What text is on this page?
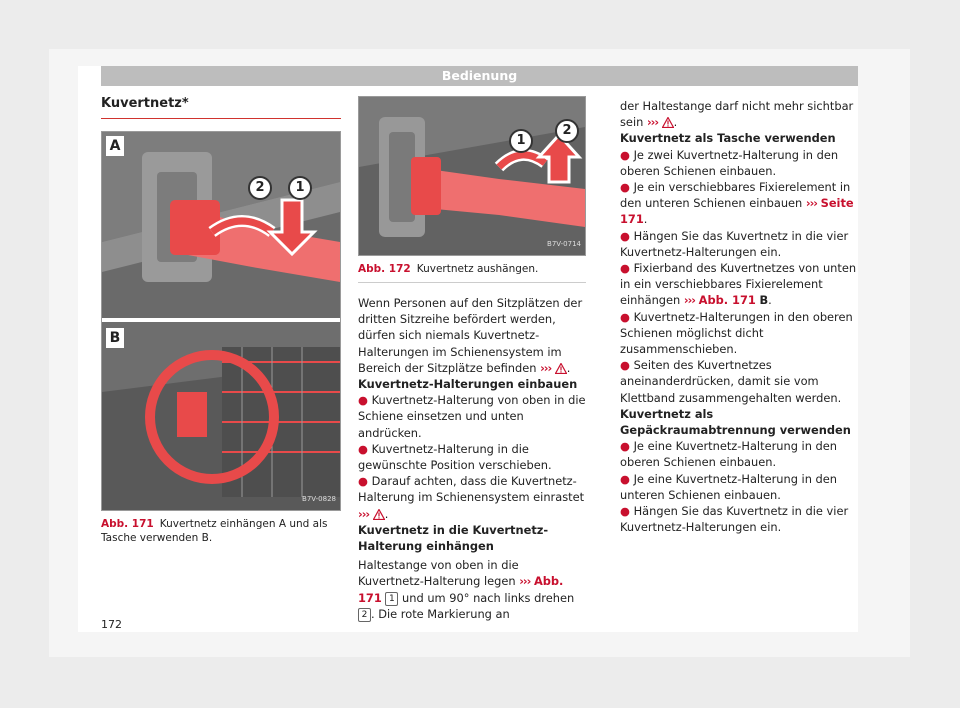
Bedienung
Kuvertnetz*
A
B
2	1
B7V-0828
Abb. 171 Kuvertnetz einhängen A und als Tasche verwenden B.
1
2
B7V-0714
Abb. 172 Kuvertnetz aushängen.

Wenn Personen auf den Sitzplätzen der dritten Sitzreihe befördert werden, dürfen sich niemals Kuvertnetz-Halterungen im Schienensystem im Bereich der Sitzplätze befinden ››› .

Kuvertnetz-Halterungen einbauen

● Kuvertnetz-Halterung von oben in die Schiene einsetzen und unten andrücken.

● Kuvertnetz-Halterung in die gewünschte Position verschieben.

● Darauf achten, dass die Kuvertnetz-Halterung im Schienensystem einrastet ››› .

Kuvertnetz in die Kuvertnetz-Halterung einhängen

Haltestange von oben in die Kuvertnetz-Halterung legen ››› Abb. 171 1 und um 90° nach links drehen 2 . Die rote Markierung an

der Haltestange darf nicht mehr sichtbar sein ››› .

Kuvertnetz als Tasche verwenden

● Je zwei Kuvertnetz-Halterung in den oberen Schienen einbauen.

● Je ein verschiebbares Fixierelement in den unteren Schienen einbauen ››› Seite 171.

● Hängen Sie das Kuvertnetz in die vier Kuvertnetz-Halterungen ein.

● Fixierband des Kuvertnetzes von unten in ein verschiebbares Fixierelement einhängen ››› Abb. 171 B.

● Kuvertnetz-Halterungen in den oberen Schienen möglichst dicht zusammenschieben.

● Seiten des Kuvertnetzes aneinanderdrücken, damit sie vom Klettband zusammengehalten werden.

Kuvertnetz als Gepäckraumabtrennung verwenden

● Je eine Kuvertnetz-Halterung in den oberen Schienen einbauen.

● Je eine Kuvertnetz-Halterung in den unteren Schienen einbauen.

● Hängen Sie das Kuvertnetz in die vier Kuvertnetz-Halterungen ein.

172
